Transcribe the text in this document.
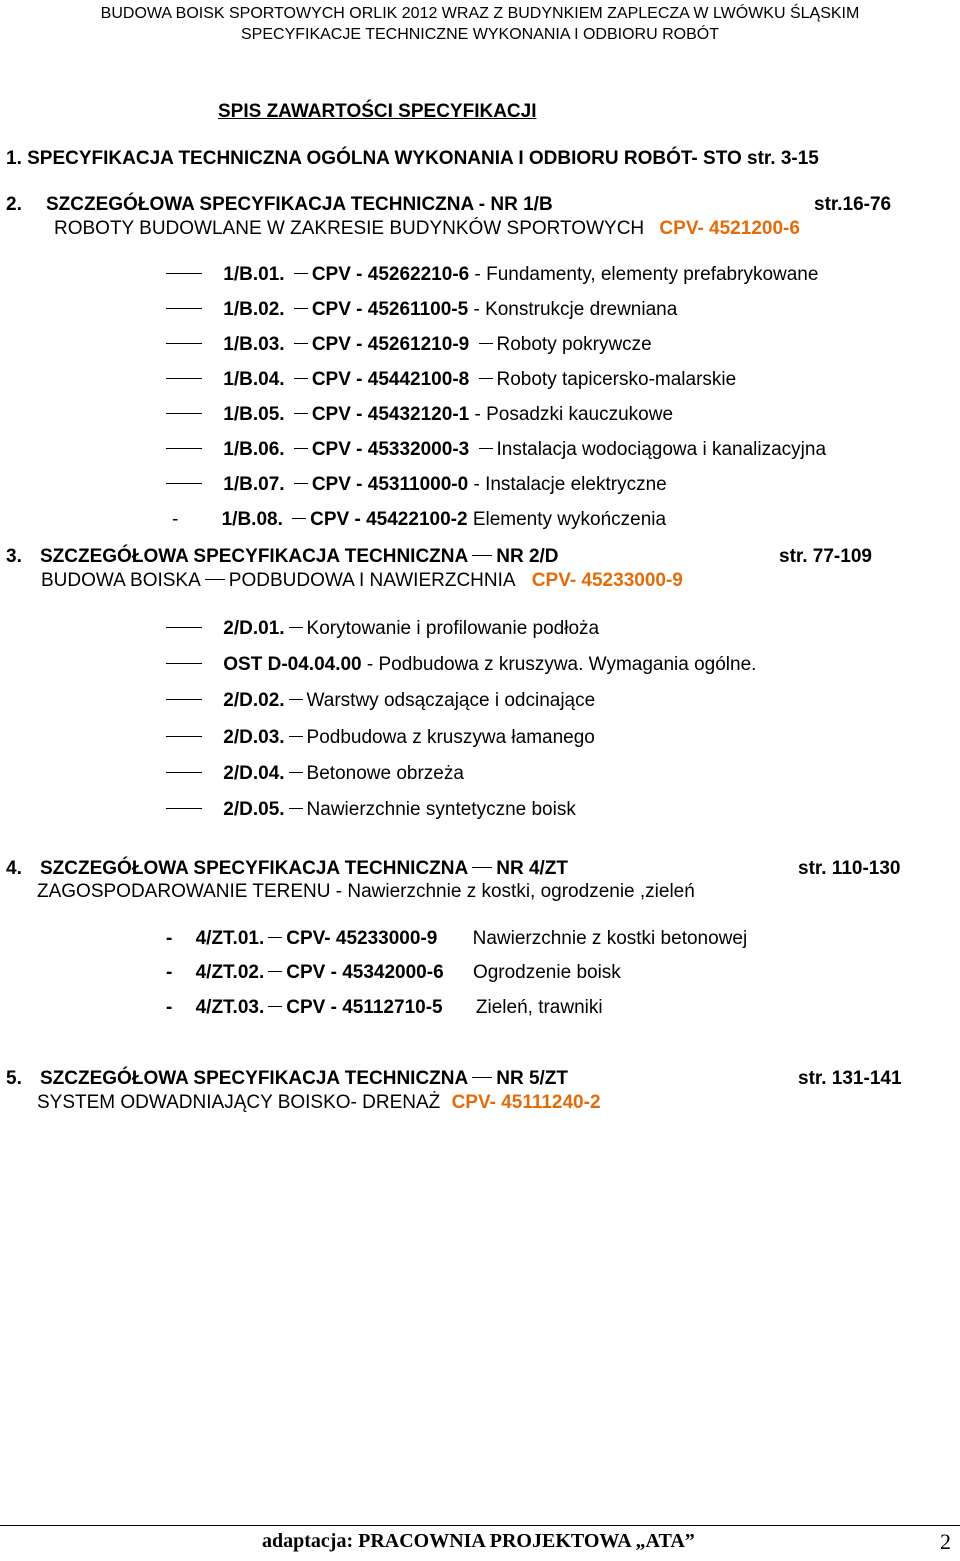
BUDOWA BOISK SPORTOWYCH ORLIK 2012 WRAZ Z BUDYNKIEM ZAPLECZA W LWÓWKU ŚLĄSKIM
SPECYFIKACJE TECHNICZNE WYKONANIA I ODBIORU ROBÓT
SPIS ZAWARTOŚCI SPECYFIKACJI
1. SPECYFIKACJA TECHNICZNA OGÓLNA WYKONANIA I ODBIORU ROBÓT- STO str. 3-15
2. SZCZEGÓŁOWA SPECYFIKACJA TECHNICZNA - NR 1/B	str.16-76
ROBOTY BUDOWLANE W ZAKRESIE BUDYNKÓW SPORTOWYCH CPV- 4521200-6
1/B.01. CPV - 45262210-6 - Fundamenty, elementy prefabrykowane
1/B.02. CPV - 45261100-5 - Konstrukcje drewniana
1/B.03. CPV - 45261210-9 Roboty pokrywcze
1/B.04. CPV - 45442100-8 Roboty tapicersko-malarskie
1/B.05. CPV - 45432120-1 - Posadzki kauczukowe
1/B.06. CPV - 45332000-3 Instalacja wodociągowa i kanalizacyjna
1/B.07. CPV - 45311000-0 - Instalacje elektryczne
- 1/B.08. CPV - 45422100-2 Elementy wykończenia
3. SZCZEGÓŁOWA SPECYFIKACJA TECHNICZNA NR 2/D	str. 77-109
BUDOWA BOISKA PODBUDOWA I NAWIERZCHNIA CPV- 45233000-9
2/D.01. Korytowanie i profilowanie podłoża
OST D-04.04.00 - Podbudowa z kruszywa. Wymagania ogólne.
2/D.02. Warstwy odsączające i odcinające
2/D.03. Podbudowa z kruszywa łamanego
2/D.04. Betonowe obrzeża
2/D.05. Nawierzchnie syntetyczne boisk
4. SZCZEGÓŁOWA SPECYFIKACJA TECHNICZNA NR 4/ZT	str. 110-130
ZAGOSPODAROWANIE TERENU - Nawierzchnie z kostki, ogrodzenie ,zieleń
- 4/ZT.01. CPV- 45233000-9 Nawierzchnie z kostki betonowej
- 4/ZT.02. CPV - 45342000-6 Ogrodzenie boisk
- 4/ZT.03. CPV - 45112710-5 Zieleń, trawniki
5. SZCZEGÓŁOWA SPECYFIKACJA TECHNICZNA NR 5/ZT	str. 131-141
SYSTEM ODWADNIAJĄCY BOISKO- DRENAŻ CPV- 45111240-2
adaptacja: PRACOWNIA PROJEKTOWA „ATA”	2
